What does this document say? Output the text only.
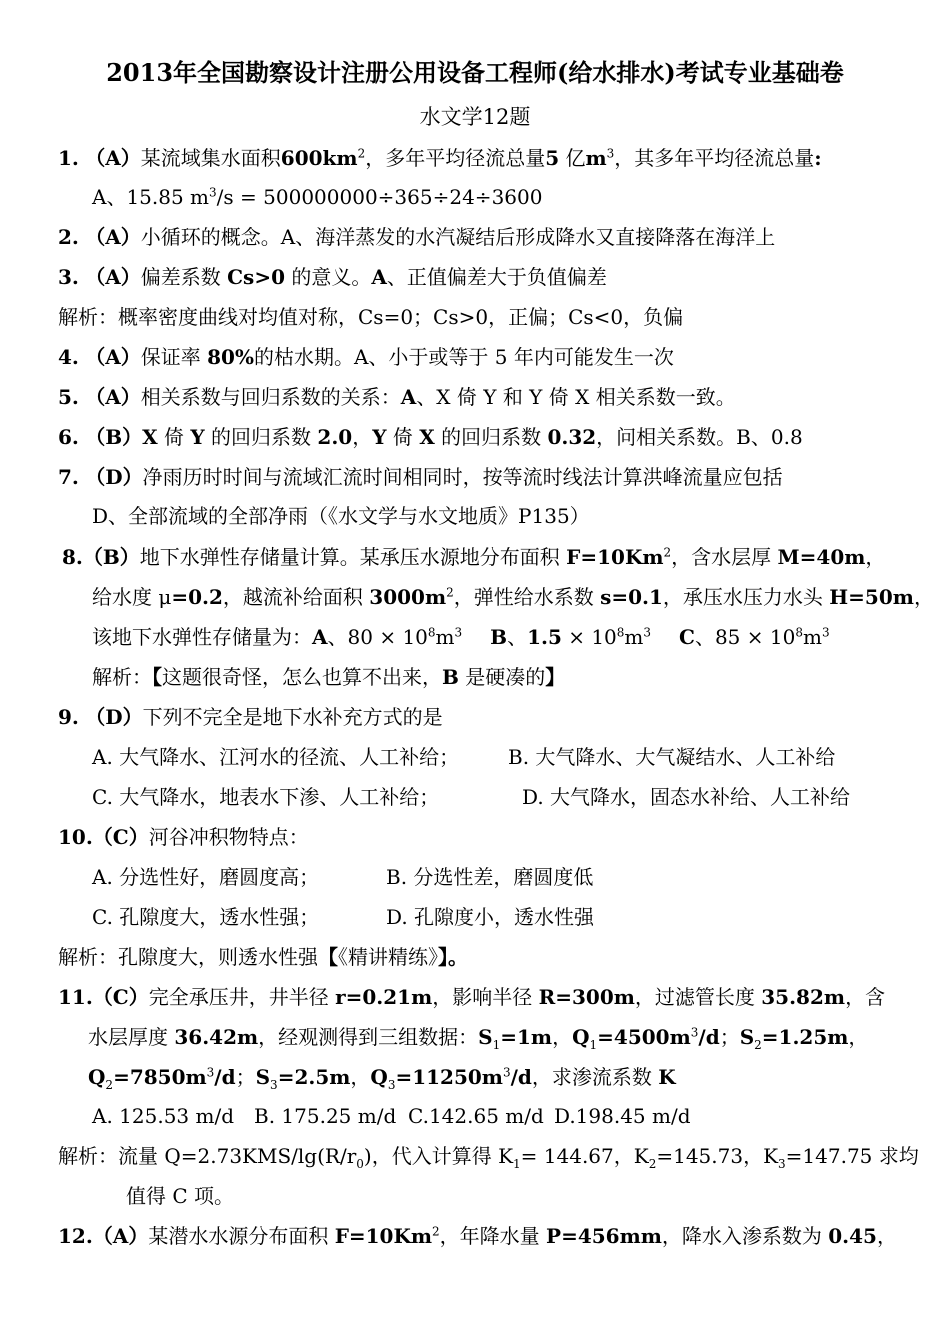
2013年全国勘察设计注册公用设备工程师(给水排水)考试专业基础卷
水文学12题
1. （A）某流域集水面积$600km^2$，多年平均径流总量5 亿$m^3$，其多年平均径流总量:
A、15.85 $m^3/s = 500000000\div 365\div 24\div 3600$
2. （A）小循环的概念。A、海洋蒸发的水汽凝结后形成降水又直接降落在海洋上
3. （A）偏差系数 Cs>0 的意义。A、正值偏差大于负值偏差
解析：概率密度曲线对均值对称，Cs=0；Cs>0，正偏；Cs<0，负偏
4. （A）保证率 80%的枯水期。A、小于或等于 5 年内可能发生一次
5. （A）相关系数与回归系数的关系：A、X 倚 Y 和 Y 倚 X 相关系数一致。
6. （B）X 倚 Y 的回归系数 2.0，Y 倚 X 的回归系数 0.32，问相关系数。B、0.8
7. （D）净雨历时时间与流域汇流时间相同时，按等流时线法计算洪峰流量应包括
D、全部流域的全部净雨（《水文学与水文地质》P135）
8.（B）地下水弹性存储量计算。某承压水源地分布面积 $F=10Km^2$，含水层厚 M=40m，
给水度 μ=0.2，越流补给面积 $3000m^2$，弹性给水系数 s=0.1，承压水压力水头 H=50m，
该地下水弹性存储量为：A、$80 \times 10^8m^3$ B、$1.5 \times 10^8m^3$ C、$85 \times 10^8m^3$
解析：【这题很奇怪，怎么也算不出来，B 是硬凑的】
9. （D）下列不完全是地下水补充方式的是
A. 大气降水、江河水的径流、人工补给； B. 大气降水、大气凝结水、人工补给
C. 大气降水，地表水下渗、人工补给；	D. 大气降水，固态水补给、人工补给
10.（C）河谷冲积物特点：
A. 分选性好，磨圆度高；	B. 分选性差，磨圆度低
C. 孔隙度大，透水性强；	D. 孔隙度小，透水性强
解析：孔隙度大，则透水性强【《精讲精练》】。
11.（C）完全承压井，井半径 r=0.21m，影响半径 R=300m，过滤管长度 35.82m，含
水层厚度 36.42m，经观测得到三组数据：$S_1=1m$，$Q_1=4500m^3/d$；$S_2=1.25m$，
$Q_2=7850m^3/d$；$S_3=2.5m$，$Q_3=11250m^3/d$，求渗流系数 K
A. 125.53 m/d B. 175.25 m/d C.142.65 m/d D.198.45 m/d
解析：流量 $Q=2.73KMS/\lg(R/r_0)$，代入计算得 $K_1= 144.67$，$K_2=145.73$，$K_3=147.75$ 求均
值得 C 项。
12.（A）某潜水水源分布面积 $F=10Km^2$，年降水量 P=456mm，降水入渗系数为 0.45，
